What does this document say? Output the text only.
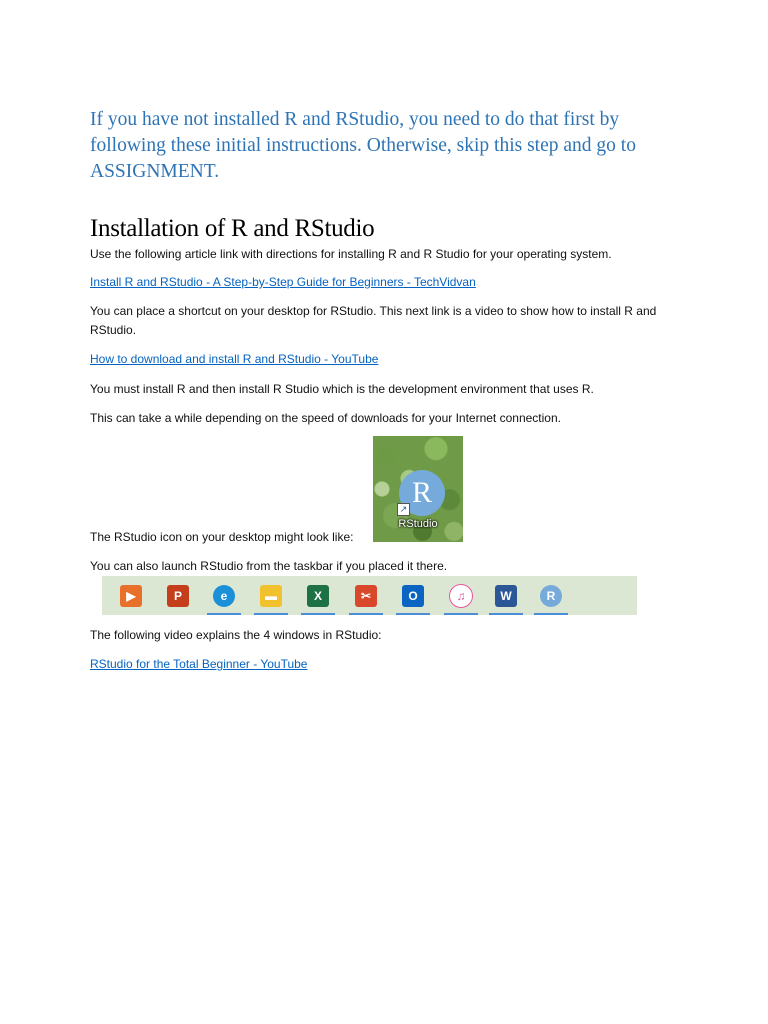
If you have not installed R and RStudio, you need to do that first by following these initial instructions. Otherwise, skip this step and go to ASSIGNMENT.

Installation of R and RStudio

Use the following article link with directions for installing R and R Studio for your operating system.

Install R and RStudio - A Step-by-Step Guide for Beginners - TechVidvan

You can place a shortcut on your desktop for RStudio. This next link is a video to show how to install R and RStudio.

How to download and install R and RStudio - YouTube

You must install R and then install R Studio which is the development environment that uses R.

This can take a while depending on the speed of downloads for your Internet connection.

The RStudio icon on your desktop might look like:

R
↗
RStudio

You can also launch RStudio from the taskbar if you placed it there.

▶	P	e	▬	X	✂	O	♫	W	R

The following video explains the 4 windows in RStudio:

RStudio for the Total Beginner - YouTube
